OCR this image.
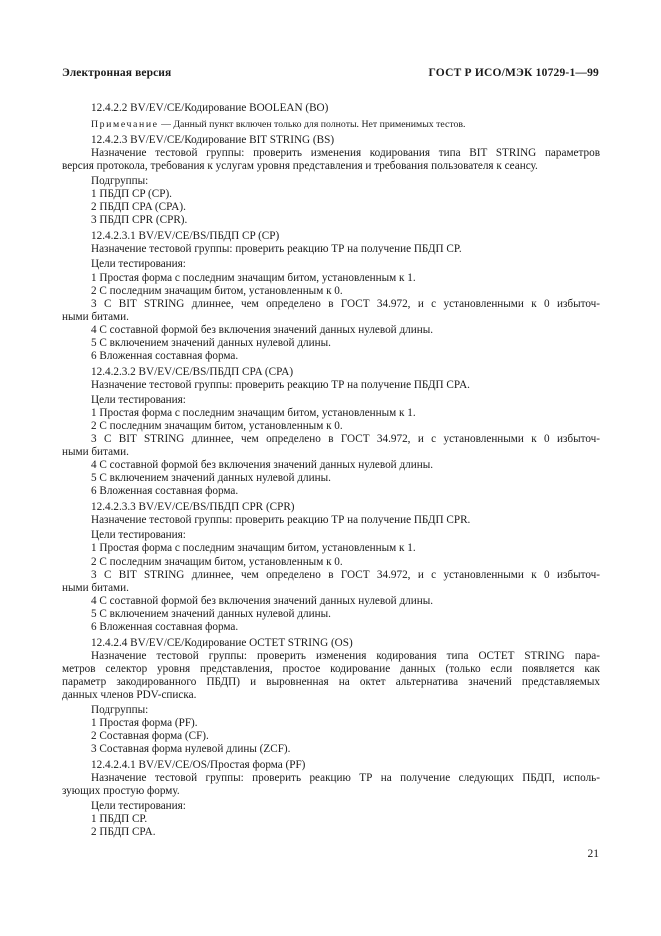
Электронная версия	ГОСТ Р ИСО/МЭК 10729-1—99
12.4.2.2 BV/EV/CE/Кодирование BOOLEAN (BO)
Примечание — Данный пункт включен только для полноты. Нет применимых тестов.
12.4.2.3 BV/EV/CE/Кодирование BIT STRING (BS)
Назначение тестовой группы: проверить изменения кодирования типа BIT STRING параметров
версия протокола, требования к услугам уровня представления и требования пользователя к сеансу.
Подгруппы:
1 ПБДП CP (CP).
2 ПБДП CPA (CPA).
3 ПБДП CPR (CPR).
12.4.2.3.1 BV/EV/CE/BS/ПБДП CP (CP)
Назначение тестовой группы: проверить реакцию ТР на получение ПБДП CP.
Цели тестирования:
1 Простая форма с последним значащим битом, установленным к 1.
2 С последним значащим битом, установленным к 0.
3 С BIT STRING длиннее, чем определено в ГОСТ 34.972, и с установленными к 0 избыточ-
ными битами.
4 С составной формой без включения значений данных нулевой длины.
5 С включением значений данных нулевой длины.
6 Вложенная составная форма.
12.4.2.3.2 BV/EV/CE/BS/ПБДП CPA (CPA)
Назначение тестовой группы: проверить реакцию ТР на получение ПБДП CPA.
Цели тестирования:
1 Простая форма с последним значащим битом, установленным к 1.
2 С последним значащим битом, установленным к 0.
3 С BIT STRING длиннее, чем определено в ГОСТ 34.972, и с установленными к 0 избыточ-
ными битами.
4 С составной формой без включения значений данных нулевой длины.
5 С включением значений данных нулевой длины.
6 Вложенная составная форма.
12.4.2.3.3 BV/EV/CE/BS/ПБДП CPR (CPR)
Назначение тестовой группы: проверить реакцию ТР на получение ПБДП CPR.
Цели тестирования:
1 Простая форма с последним значащим битом, установленным к 1.
2 С последним значащим битом, установленным к 0.
3 С BIT STRING длиннее, чем определено в ГОСТ 34.972, и с установленными к 0 избыточ-
ными битами.
4 С составной формой без включения значений данных нулевой длины.
5 С включением значений данных нулевой длины.
6 Вложенная составная форма.
12.4.2.4 BV/EV/CE/Кодирование OCTET STRING (OS)
Назначение тестовой группы: проверить изменения кодирования типа OCTET STRING пара-
метров селектор уровня представления, простое кодирование данных (только если появляется как
параметр закодированного ПБДП) и выровненная на октет альтернатива значений представляемых
данных членов PDV-списка.
Подгруппы:
1 Простая форма (PF).
2 Составная форма (CF).
3 Составная форма нулевой длины (ZCF).
12.4.2.4.1 BV/EV/CE/OS/Простая форма (PF)
Назначение тестовой группы: проверить реакцию ТР на получение следующих ПБДП, исполь-
зующих простую форму.
Цели тестирования:
1 ПБДП CP.
2 ПБДП CPA.
21
